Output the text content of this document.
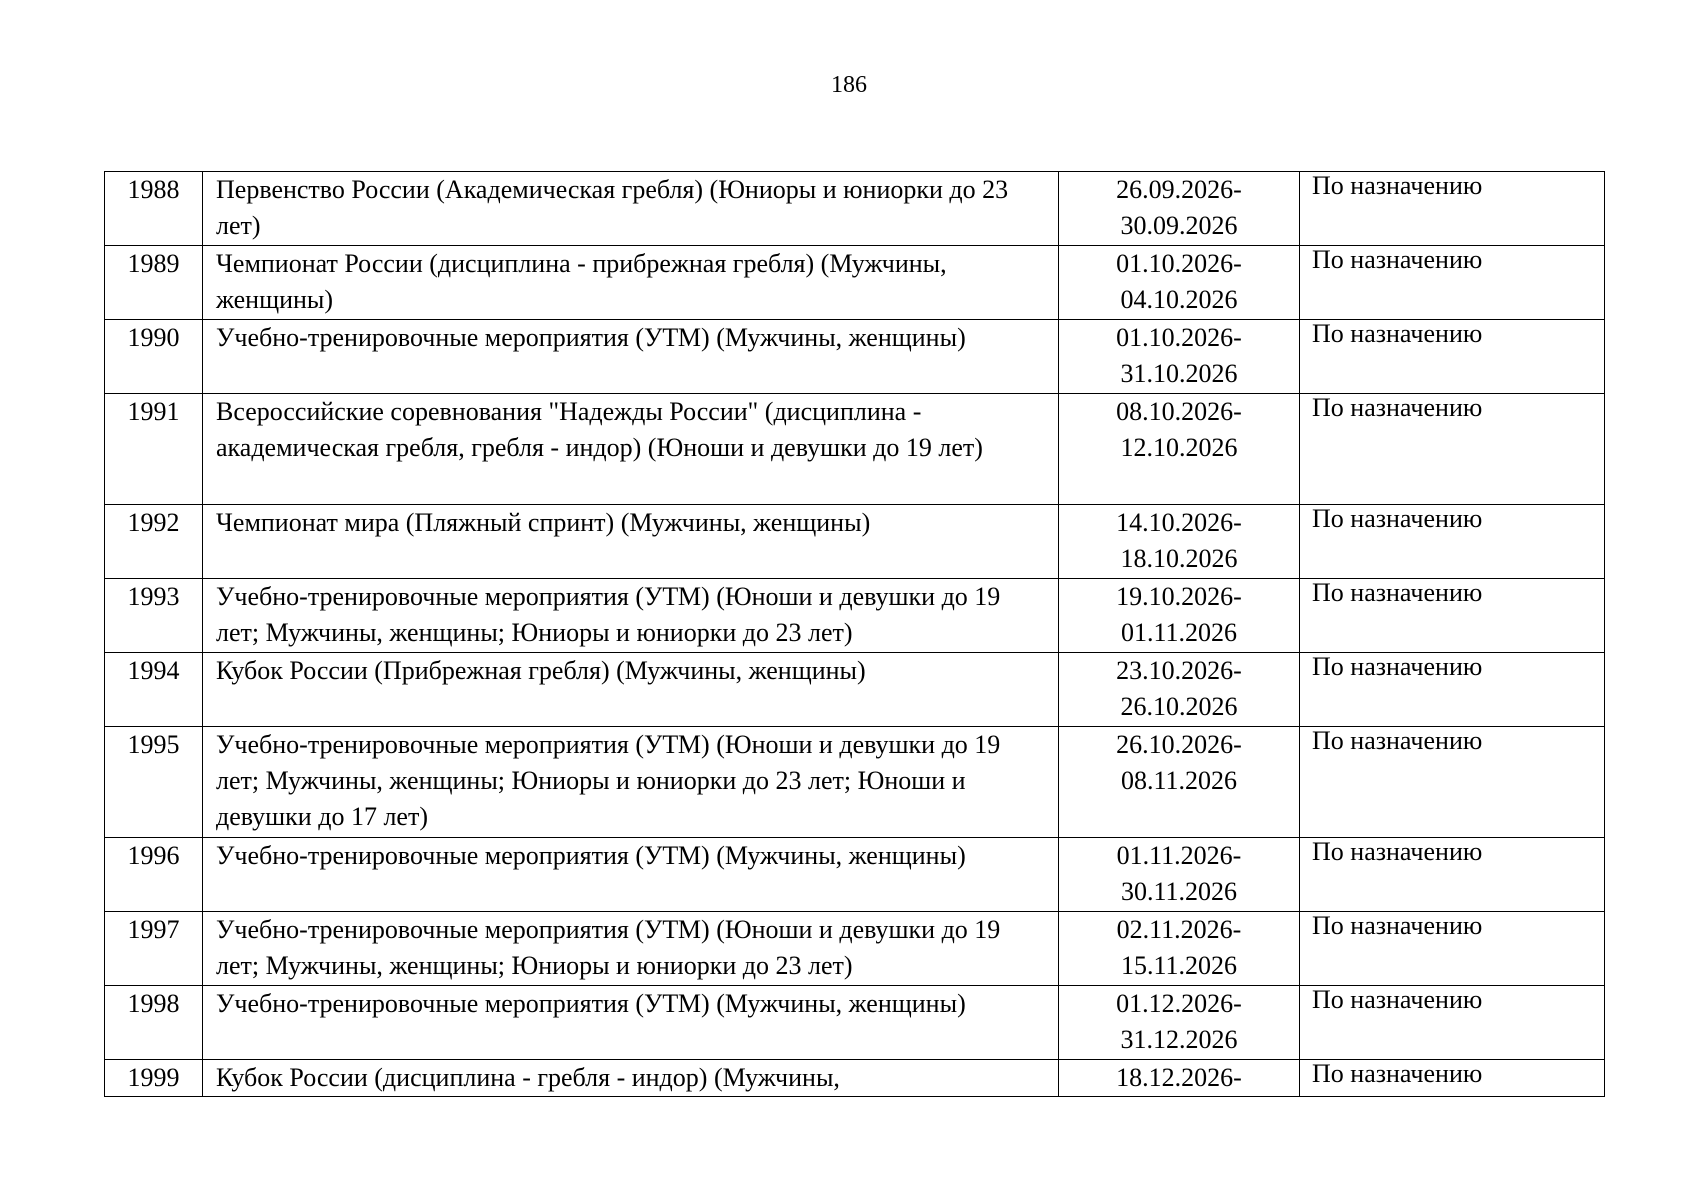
186
1988	Первенство России (Академическая гребля) (Юниоры и юниорки до 23 лет)	26.09.2026-
30.09.2026	По назначению

1989	Чемпионат России (дисциплина - прибрежная гребля) (Мужчины, женщины)	01.10.2026-
04.10.2026	По назначению

1990	Учебно-тренировочные мероприятия (УТМ) (Мужчины, женщины)	01.10.2026-
31.10.2026	По назначению

1991	Всероссийские соревнования "Надежды России" (дисциплина - академическая гребля, гребля - индор) (Юноши и девушки до 19 лет)	08.10.2026-
12.10.2026	По назначению

1992	Чемпионат мира (Пляжный спринт) (Мужчины, женщины)	14.10.2026-
18.10.2026	По назначению

1993	Учебно-тренировочные мероприятия (УТМ) (Юноши и девушки до 19 лет; Мужчины, женщины; Юниоры и юниорки до 23 лет)	19.10.2026-
01.11.2026	По назначению

1994	Кубок России (Прибрежная гребля) (Мужчины, женщины)	23.10.2026-
26.10.2026	По назначению

1995	Учебно-тренировочные мероприятия (УТМ) (Юноши и девушки до 19 лет; Мужчины, женщины; Юниоры и юниорки до 23 лет; Юноши и девушки до 17 лет)	26.10.2026-
08.11.2026	По назначению

1996	Учебно-тренировочные мероприятия (УТМ) (Мужчины, женщины)	01.11.2026-
30.11.2026	По назначению

1997	Учебно-тренировочные мероприятия (УТМ) (Юноши и девушки до 19 лет; Мужчины, женщины; Юниоры и юниорки до 23 лет)	02.11.2026-
15.11.2026	По назначению

1998	Учебно-тренировочные мероприятия (УТМ) (Мужчины, женщины)	01.12.2026-
31.12.2026	По назначению

1999	Кубок России (дисциплина - гребля - индор) (Мужчины,	18.12.2026-	По назначению
